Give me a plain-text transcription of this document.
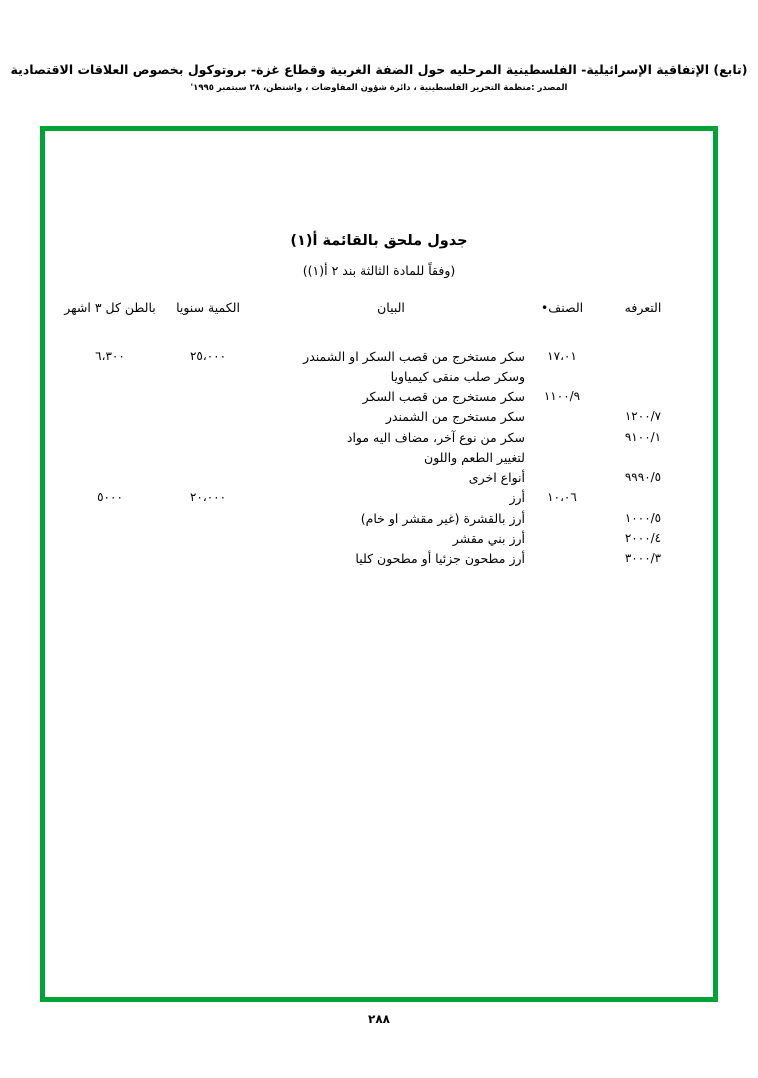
(تابع) الإتفاقية الإسرائيلية- الفلسطينية المرحليه حول الضفة الغربية وقطاع غزة- بروتوكول بخصوص العلاقات الاقتصادية
المصدر :منظمة التحرير الفلسطينية ، دائرة شؤون المفاوضات ، واشنطن، ٢٨ سبتمبر ١٩٩٥'
جدول ملحق بالقائمة أ(١)
(وفقاً للمادة الثالثة بند ٢ أ(١))
التعرفه	الصنف•	البيان	الكمية سنويا	بالطن كل ٣ اشهر

	١٧،٠١	سكر مستخرج من قصب السكر او الشمندر	٢٥،٠٠٠	٦،٣٠٠
		وسكر صلب منقى كيمياويا		
	١١٠٠/٩	سكر مستخرج من قصب السكر		
١٢٠٠/٧		سكر مستخرج من الشمندر		
٩١٠٠/١		سكر من نوع آخر، مضاف اليه مواد		
		لتغيير الطعم واللون		
٩٩٩٠/٥		أنواع اخرى		
	١٠،٠٦	أرز	٢٠،٠٠٠	٥٠٠٠
١٠٠٠/٥		أرز بالقشرة (غير مقشر او خام)		
٢٠٠٠/٤		أرز بني مقشر		
٣٠٠٠/٣		أرز مطحون جزئيا أو مطحون كليا		
٢٨٨
